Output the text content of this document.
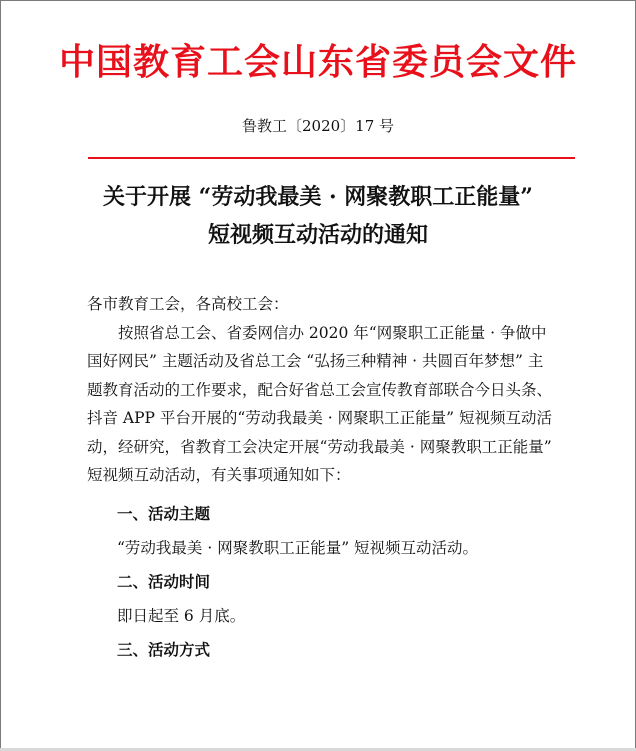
中国教育工会山东省委员会文件
鲁教工〔2020〕17 号
关于开展 “劳动我最美 · 网聚教职工正能量”
短视频互动活动的通知

各市教育工会，各高校工会：

按照省总工会、省委网信办 2020 年“网聚职工正能量 · 争做中国好网民” 主题活动及省总工会 “弘扬三种精神 · 共圆百年梦想” 主题教育活动的工作要求，配合好省总工会宣传教育部联合今日头条、抖音 APP 平台开展的“劳动我最美 · 网聚职工正能量” 短视频互动活动，经研究，省教育工会决定开展“劳动我最美 · 网聚教职工正能量” 短视频互动活动，有关事项通知如下：

一、活动主题

“劳动我最美 · 网聚教职工正能量” 短视频互动活动。

二、活动时间

即日起至 6 月底。

三、活动方式
